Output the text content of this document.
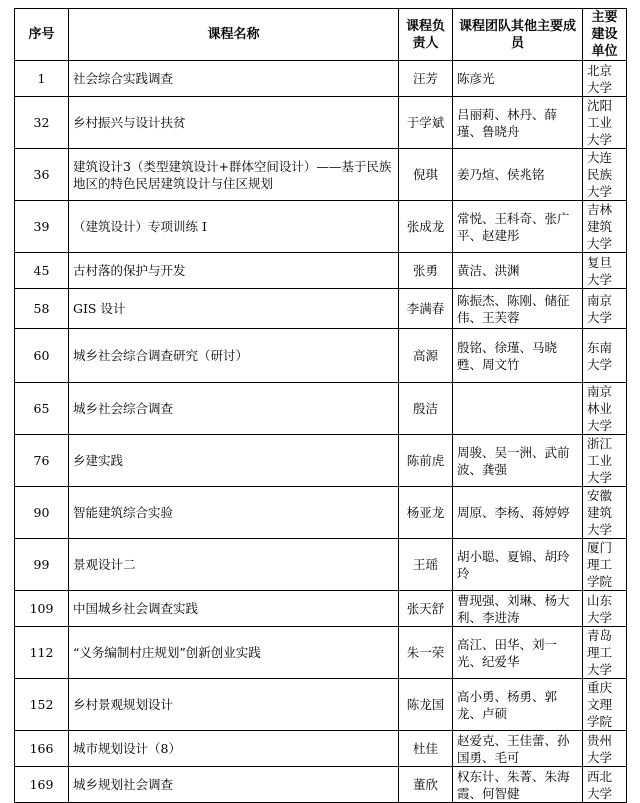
序号	课程名称	课程负责人	课程团队其他主要成员	主要建设单位
1	社会综合实践调查	汪芳	陈彦光	北京大学
32	乡村振兴与设计扶贫	于学斌	吕丽莉、林丹、薛瑾、鲁晓舟	沈阳工业大学
36	建筑设计3（类型建筑设计+群体空间设计）——基于民族地区的特色民居建筑设计与住区规划	倪琪	姜乃煊、侯兆铭	大连民族大学
39	（建筑设计）专项训练 I	张成龙	常悦、王科奇、张广平、赵建彤	吉林建筑大学
45	古村落的保护与开发	张勇	黄洁、洪渊	复旦大学
58	GIS 设计	李满春	陈振杰、陈刚、储征伟、王芙蓉	南京大学
60	城乡社会综合调查研究（研讨）	高源	殷铭、徐瑾、马晓甦、周文竹	东南大学
65	城乡社会综合调查	殷洁		南京林业大学
76	乡建实践	陈前虎	周骏、吴一洲、武前波、龚强	浙江工业大学
90	智能建筑综合实验	杨亚龙	周原、李杨、蒋婷婷	安徽建筑大学
99	景观设计二	王瑶	胡小聪、夏锦、胡玲玲	厦门理工学院
109	中国城乡社会调查实践	张天舒	曹现强、刘琳、杨大利、李进涛	山东大学
112	“义务编制村庄规划”创新创业实践	朱一荣	高江、田华、刘一光、纪爱华	青岛理工大学
152	乡村景观规划设计	陈龙国	高小勇、杨勇、郭龙、卢硕	重庆文理学院
166	城市规划设计（8）	杜佳	赵爱克、王佳蕾、孙国勇、毛可	贵州大学
169	城乡规划社会调查	董欣	权东计、朱菁、朱海霞、何智健	西北大学
